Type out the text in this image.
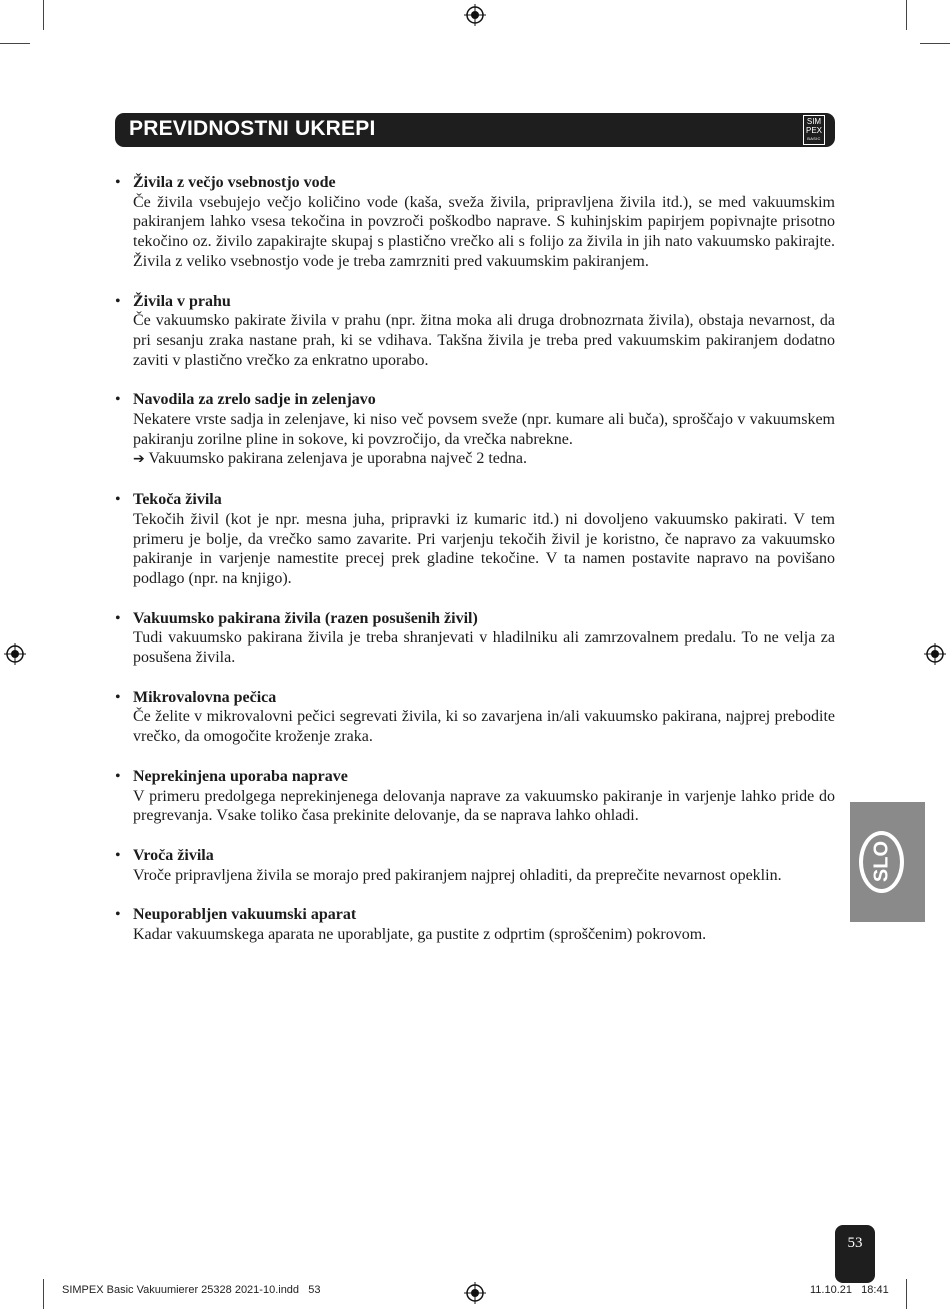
PREVIDNOSTNI UKREPI	SIM
PEX
BASIC
• Živila z večjo vsebnostjo vode
Če živila vsebujejo večjo količino vode (kaša, sveža živila, pripravljena živila itd.), se med vakuumskim pakiranjem lahko vsesa tekočina in povzroči poškodbo naprave. S kuhinjskim papirjem popivnajte prisotno tekočino oz. živilo zapakirajte skupaj s plastično vrečko ali s folijo za živila in jih nato vakuumsko pakirajte. Živila z veliko vsebnostjo vode je treba zamrzniti pred vakuumskim pakiranjem.
• Živila v prahu
Če vakuumsko pakirate živila v prahu (npr. žitna moka ali druga drobnozrnata živila), obstaja nevarnost, da pri sesanju zraka nastane prah, ki se vdihava. Takšna živila je treba pred vakuumskim pakiranjem dodatno zaviti v plastično vrečko za enkratno uporabo.
• Navodila za zrelo sadje in zelenjavo
Nekatere vrste sadja in zelenjave, ki niso več povsem sveže (npr. kumare ali buča), sproščajo v vakuumskem pakiranju zorilne pline in sokove, ki povzročijo, da vrečka nabrekne.
➔ Vakuumsko pakirana zelenjava je uporabna največ 2 tedna.
• Tekoča živila
Tekočih živil (kot je npr. mesna juha, pripravki iz kumaric itd.) ni dovoljeno vakuumsko pakirati. V tem primeru je bolje, da vrečko samo zavarite. Pri varjenju tekočih živil je koristno, če napravo za vakuumsko pakiranje in varjenje namestite precej prek gladine tekočine. V ta namen postavite napravo na povišano podlago (npr. na knjigo).
• Vakuumsko pakirana živila (razen posušenih živil)
Tudi vakuumsko pakirana živila je treba shranjevati v hladilniku ali zamrzovalnem predalu. To ne velja za posušena živila.
• Mikrovalovna pečica
Če želite v mikrovalovni pečici segrevati živila, ki so zavarjena in/ali vakuumsko pakirana, najprej prebodite vrečko, da omogočite kroženje zraka.
• Neprekinjena uporaba naprave
V primeru predolgega neprekinjenega delovanja naprave za vakuumsko pakiranje in varjenje lahko pride do pregrevanja. Vsake toliko časa prekinite delovanje, da se naprava lahko ohladi.
• Vroča živila
Vroče pripravljena živila se morajo pred pakiranjem najprej ohladiti, da preprečite nevarnost opeklin.
• Neuporabljen vakuumski aparat
Kadar vakuumskega aparata ne uporabljate, ga pustite z odprtim (sproščenim) pokrovom.
SLO
53
SIMPEX Basic Vakuumierer 25328 2021-10.indd   53	11.10.21   18:41
